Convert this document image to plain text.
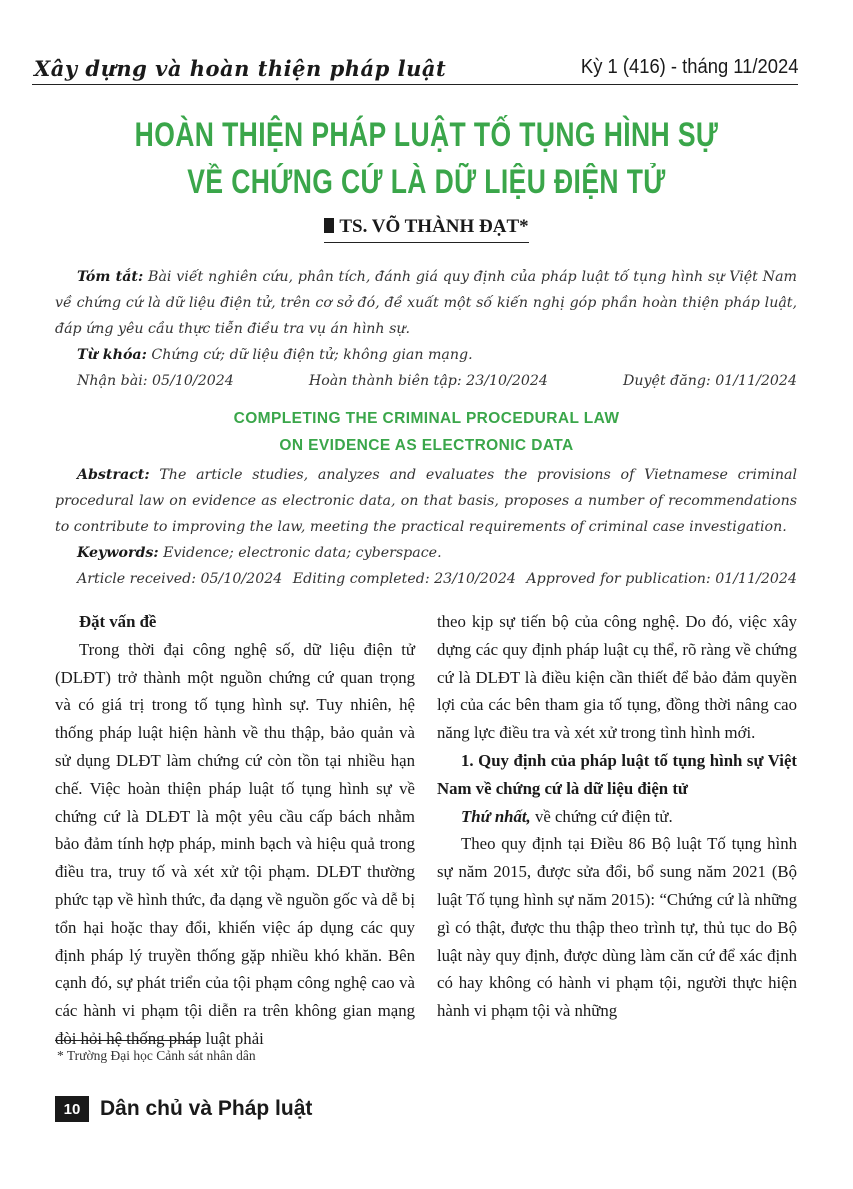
Xây dựng và hoàn thiện pháp luật	Kỳ 1 (416) - tháng 11/2024
HOÀN THIỆN PHÁP LUẬT TỐ TỤNG HÌNH SỰ
VỀ CHỨNG CỨ LÀ DỮ LIỆU ĐIỆN TỬ
TS. VÕ THÀNH ĐẠT*
Tóm tắt: Bài viết nghiên cứu, phân tích, đánh giá quy định của pháp luật tố tụng hình sự Việt Nam về chứng cứ là dữ liệu điện tử, trên cơ sở đó, đề xuất một số kiến nghị góp phần hoàn thiện pháp luật, đáp ứng yêu cầu thực tiễn điều tra vụ án hình sự.
Từ khóa: Chứng cứ; dữ liệu điện tử; không gian mạng.
Nhận bài: 05/10/2024	Hoàn thành biên tập: 23/10/2024	Duyệt đăng: 01/11/2024
COMPLETING THE CRIMINAL PROCEDURAL LAW
ON EVIDENCE AS ELECTRONIC DATA
Abstract: The article studies, analyzes and evaluates the provisions of Vietnamese criminal procedural law on evidence as electronic data, on that basis, proposes a number of recommendations to contribute to improving the law, meeting the practical requirements of criminal case investigation.
Keywords: Evidence; electronic data; cyberspace.
Article received: 05/10/2024 Editing completed: 23/10/2024 Approved for publication: 01/11/2024

Đặt vấn đề

Trong thời đại công nghệ số, dữ liệu điện tử (DLĐT) trở thành một nguồn chứng cứ quan trọng và có giá trị trong tố tụng hình sự. Tuy nhiên, hệ thống pháp luật hiện hành về thu thập, bảo quản và sử dụng DLĐT làm chứng cứ còn tồn tại nhiều hạn chế. Việc hoàn thiện pháp luật tố tụng hình sự về chứng cứ là DLĐT là một yêu cầu cấp bách nhằm bảo đảm tính hợp pháp, minh bạch và hiệu quả trong điều tra, truy tố và xét xử tội phạm. DLĐT thường phức tạp về hình thức, đa dạng về nguồn gốc và dễ bị tổn hại hoặc thay đổi, khiến việc áp dụng các quy định pháp lý truyền thống gặp nhiều khó khăn. Bên cạnh đó, sự phát triển của tội phạm công nghệ cao và các hành vi phạm tội diễn ra trên không gian mạng đòi hỏi hệ thống pháp luật phải

theo kịp sự tiến bộ của công nghệ. Do đó, việc xây dựng các quy định pháp luật cụ thể, rõ ràng về chứng cứ là DLĐT là điều kiện cần thiết để bảo đảm quyền lợi của các bên tham gia tố tụng, đồng thời nâng cao năng lực điều tra và xét xử trong tình hình mới.

1. Quy định của pháp luật tố tụng hình sự Việt Nam về chứng cứ là dữ liệu điện tử

Thứ nhất, về chứng cứ điện tử.

Theo quy định tại Điều 86 Bộ luật Tố tụng hình sự năm 2015, được sửa đổi, bổ sung năm 2021 (Bộ luật Tố tụng hình sự năm 2015): “Chứng cứ là những gì có thật, được thu thập theo trình tự, thủ tục do Bộ luật này quy định, được dùng làm căn cứ để xác định có hay không có hành vi phạm tội, người thực hiện hành vi phạm tội và những

* Trường Đại học Cảnh sát nhân dân
10 Dân chủ và Pháp luật
